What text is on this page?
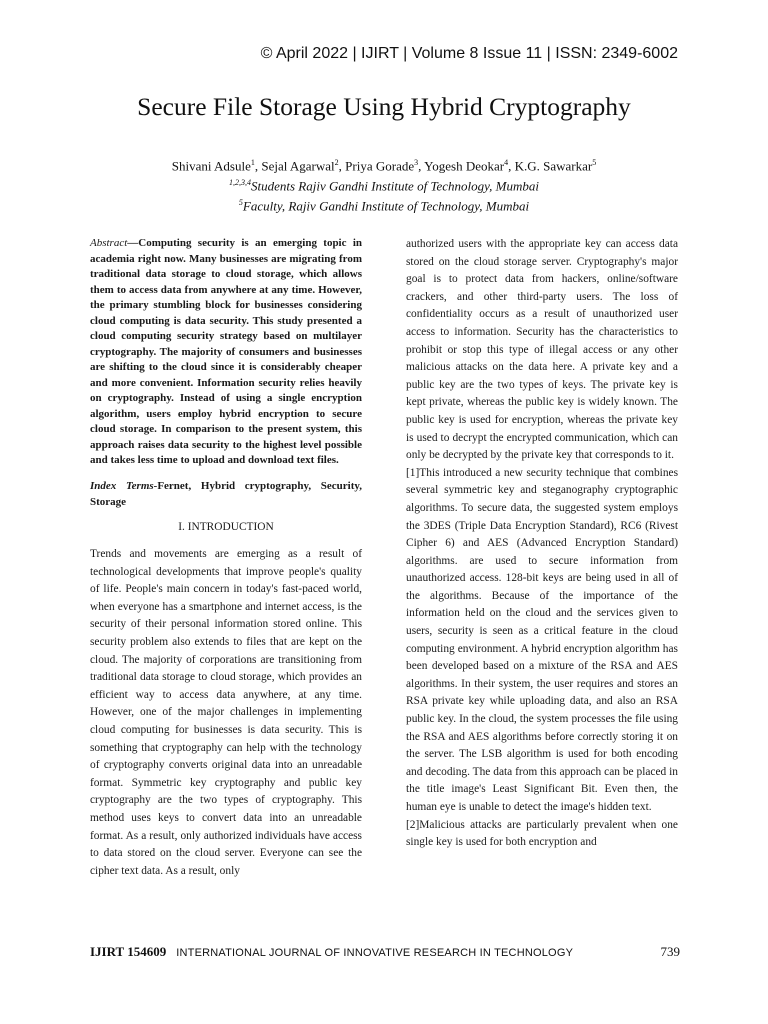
© April 2022 | IJIRT | Volume 8 Issue 11 | ISSN: 2349-6002
Secure File Storage Using Hybrid Cryptography
Shivani Adsule$^1$, Sejal Agarwal$^2$, Priya Gorade$^3$, Yogesh Deokar$^4$, K.G. Sawarkar$^5$
$^{1,2,3,4}$Students Rajiv Gandhi Institute of Technology, Mumbai
$^5$Faculty, Rajiv Gandhi Institute of Technology, Mumbai

Abstract—Computing security is an emerging topic in academia right now. Many businesses are migrating from traditional data storage to cloud storage, which allows them to access data from anywhere at any time. However, the primary stumbling block for businesses considering cloud computing is data security. This study presented a cloud computing security strategy based on multilayer cryptography. The majority of consumers and businesses are shifting to the cloud since it is considerably cheaper and more convenient. Information security relies heavily on cryptography. Instead of using a single encryption algorithm, users employ hybrid encryption to secure cloud storage. In comparison to the present system, this approach raises data security to the highest level possible and takes less time to upload and download text files.

Index Terms-Fernet, Hybrid cryptography, Security, Storage

I. INTRODUCTION

Trends and movements are emerging as a result of technological developments that improve people's quality of life. People's main concern in today's fast-paced world, when everyone has a smartphone and internet access, is the security of their personal information stored online. This security problem also extends to files that are kept on the cloud. The majority of corporations are transitioning from traditional data storage to cloud storage, which provides an efficient way to access data anywhere, at any time. However, one of the major challenges in implementing cloud computing for businesses is data security. This is something that cryptography can help with the technology of cryptography converts original data into an unreadable format. Symmetric key cryptography and public key cryptography are the two types of cryptography. This method uses keys to convert data into an unreadable format. As a result, only authorized individuals have access to data stored on the cloud server. Everyone can see the cipher text data. As a result, only

authorized users with the appropriate key can access data stored on the cloud storage server. Cryptography's major goal is to protect data from hackers, online/software crackers, and other third-party users. The loss of confidentiality occurs as a result of unauthorized user access to information. Security has the characteristics to prohibit or stop this type of illegal access or any other malicious attacks on the data here. A private key and a public key are the two types of keys. The private key is kept private, whereas the public key is widely known. The public key is used for encryption, whereas the private key is used to decrypt the encrypted communication, which can only be decrypted by the private key that corresponds to it.

[1]This introduced a new security technique that combines several symmetric key and steganography cryptographic algorithms. To secure data, the suggested system employs the 3DES (Triple Data Encryption Standard), RC6 (Rivest Cipher 6) and AES (Advanced Encryption Standard) algorithms. are used to secure information from unauthorized access. 128-bit keys are being used in all of the algorithms. Because of the importance of the information held on the cloud and the services given to users, security is seen as a critical feature in the cloud computing environment. A hybrid encryption algorithm has been developed based on a mixture of the RSA and AES algorithms. In their system, the user requires and stores an RSA private key while uploading data, and also an RSA public key. In the cloud, the system processes the file using the RSA and AES algorithms before correctly storing it on the server. The LSB algorithm is used for both encoding and decoding. The data from this approach can be placed in the title image's Least Significant Bit. Even then, the human eye is unable to detect the image's hidden text.

[2]Malicious attacks are particularly prevalent when one single key is used for both encryption and

IJIRT 154609 INTERNATIONAL JOURNAL OF INNOVATIVE RESEARCH IN TECHNOLOGY	739
